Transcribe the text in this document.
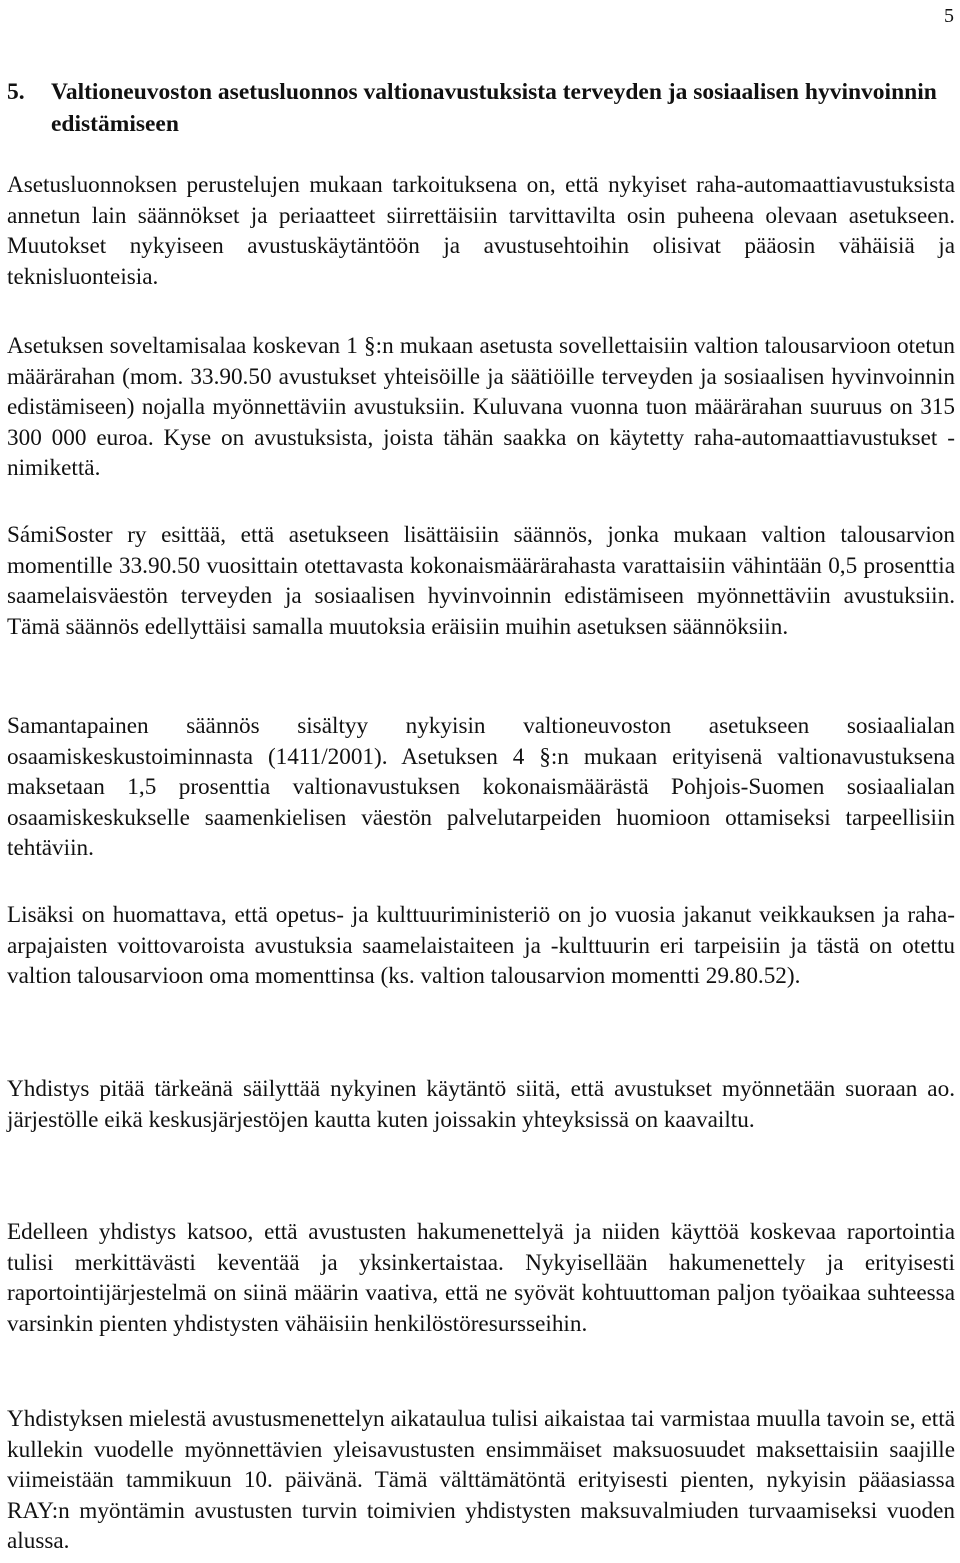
5
5.	Valtioneuvoston asetusluonnos valtionavustuksista terveyden ja sosiaalisen hyvinvoinnin edistämiseen

Asetusluonnoksen perustelujen mukaan tarkoituksena on, että nykyiset raha-automaattiavustuksista annetun lain säännökset ja periaatteet siirrettäisiin tarvittavilta osin puheena olevaan asetukseen. Muutokset nykyiseen avustuskäytäntöön ja avustusehtoihin olisivat pääosin vähäisiä ja teknisluonteisia.

Asetuksen soveltamisalaa koskevan 1 §:n mukaan asetusta sovellettaisiin valtion talousarvioon otetun määrärahan (mom. 33.90.50 avustukset yhteisöille ja säätiöille terveyden ja sosiaalisen hyvinvoinnin edistämiseen) nojalla myönnettäviin avustuksiin. Kuluvana vuonna tuon määrärahan suuruus on 315 300 000 euroa. Kyse on avustuksista, joista tähän saakka on käytetty raha-automaattiavustukset -nimikettä.

SámiSoster ry esittää, että asetukseen lisättäisiin säännös, jonka mukaan valtion talousarvion momentille 33.90.50 vuosittain otettavasta kokonaismäärärahasta varattaisiin vähintään 0,5 prosenttia saamelaisväestön terveyden ja sosiaalisen hyvinvoinnin edistämiseen myönnettäviin avustuksiin. Tämä säännös edellyttäisi samalla muutoksia eräisiin muihin asetuksen säännöksiin.

Samantapainen säännös sisältyy nykyisin valtioneuvoston asetukseen sosiaalialan osaamiskeskustoiminnasta (1411/2001). Asetuksen 4 §:n mukaan erityisenä valtionavustuksena maksetaan 1,5 prosenttia valtionavustuksen kokonaismäärästä Pohjois-Suomen sosiaalialan osaamiskeskukselle saamenkielisen väestön palvelutarpeiden huomioon ottamiseksi tarpeellisiin tehtäviin.

Lisäksi on huomattava, että opetus- ja kulttuuriministeriö on jo vuosia jakanut veikkauksen ja raha-arpajaisten voittovaroista avustuksia saamelaistaiteen ja -kulttuurin eri tarpeisiin ja tästä on otettu valtion talousarvioon oma momenttinsa (ks. valtion talousarvion momentti 29.80.52).

Yhdistys pitää tärkeänä säilyttää nykyinen käytäntö siitä, että avustukset myönnetään suoraan ao. järjestölle eikä keskusjärjestöjen kautta kuten joissakin yhteyksissä on kaavailtu.

Edelleen yhdistys katsoo, että avustusten hakumenettelyä ja niiden käyttöä koskevaa raportointia tulisi merkittävästi keventää ja yksinkertaistaa. Nykyisellään hakumenettely ja erityisesti raportointijärjestelmä on siinä määrin vaativa, että ne syövät kohtuuttoman paljon työaikaa suhteessa varsinkin pienten yhdistysten vähäisiin henkilöstöresursseihin.

Yhdistyksen mielestä avustusmenettelyn aikataulua tulisi aikaistaa tai varmistaa muulla tavoin se, että kullekin vuodelle myönnettävien yleisavustusten ensimmäiset maksuosuudet maksettaisiin saajille viimeistään tammikuun 10. päivänä. Tämä välttämätöntä erityisesti pienten, nykyisin pääasiassa RAY:n myöntämin avustusten turvin toimivien yhdistysten maksuvalmiuden turvaamiseksi vuoden alussa.
